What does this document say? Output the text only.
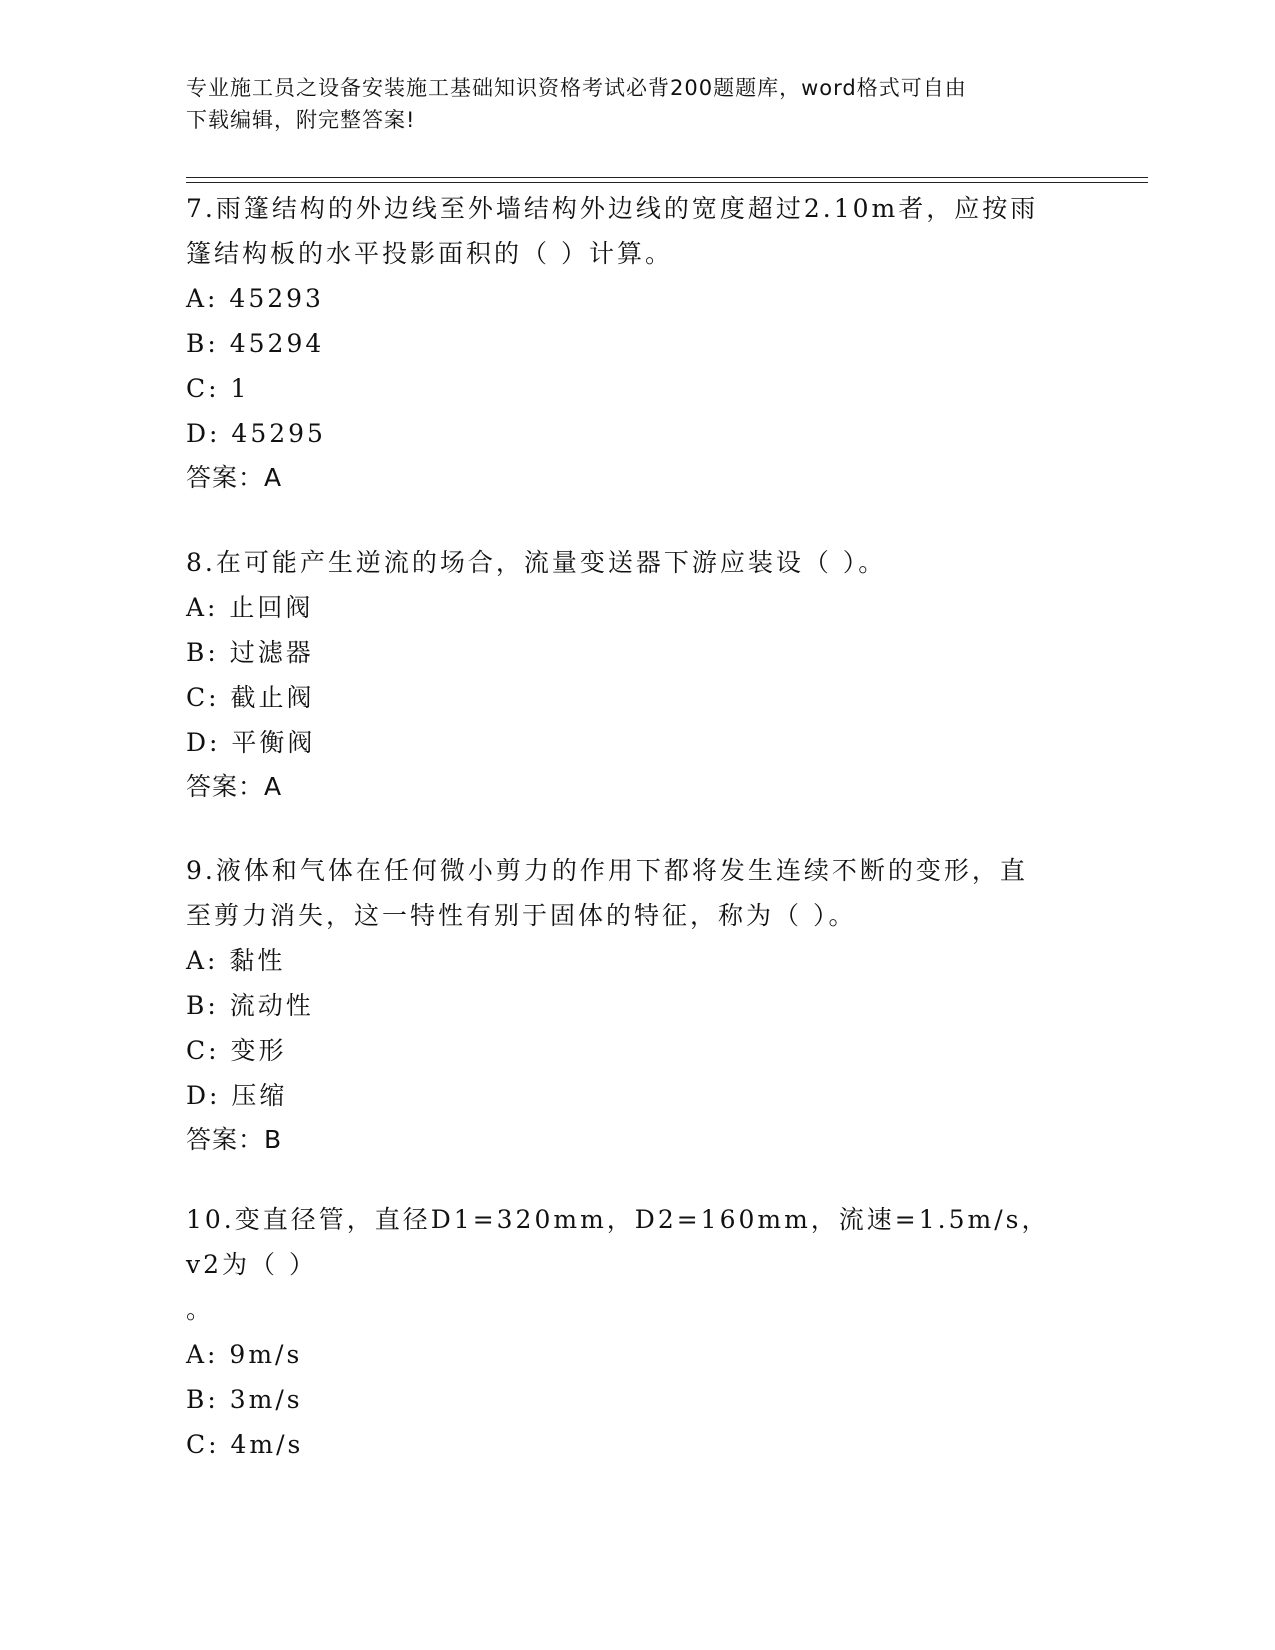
专业施工员之设备安装施工基础知识资格考试必背200题题库，word格式可自由
下载编辑，附完整答案!
7.雨篷结构的外边线至外墙结构外边线的宽度超过2.10m者，应按雨
篷结构板的水平投影面积的（ ）计算。
A: 45293
B: 45294
C: 1
D: 45295
答案：A
8.在可能产生逆流的场合，流量变送器下游应装设（ ）。
A: 止回阀
B: 过滤器
C: 截止阀
D: 平衡阀
答案：A
9.液体和气体在任何微小剪力的作用下都将发生连续不断的变形，直
至剪力消失，这一特性有别于固体的特征，称为（ ）。
A: 黏性
B: 流动性
C: 变形
D: 压缩
答案：B
10.变直径管，直径D1=320mm，D2=160mm，流速=1.5m/s，v2为（ ）
。
A: 9m/s
B: 3m/s
C: 4m/s
